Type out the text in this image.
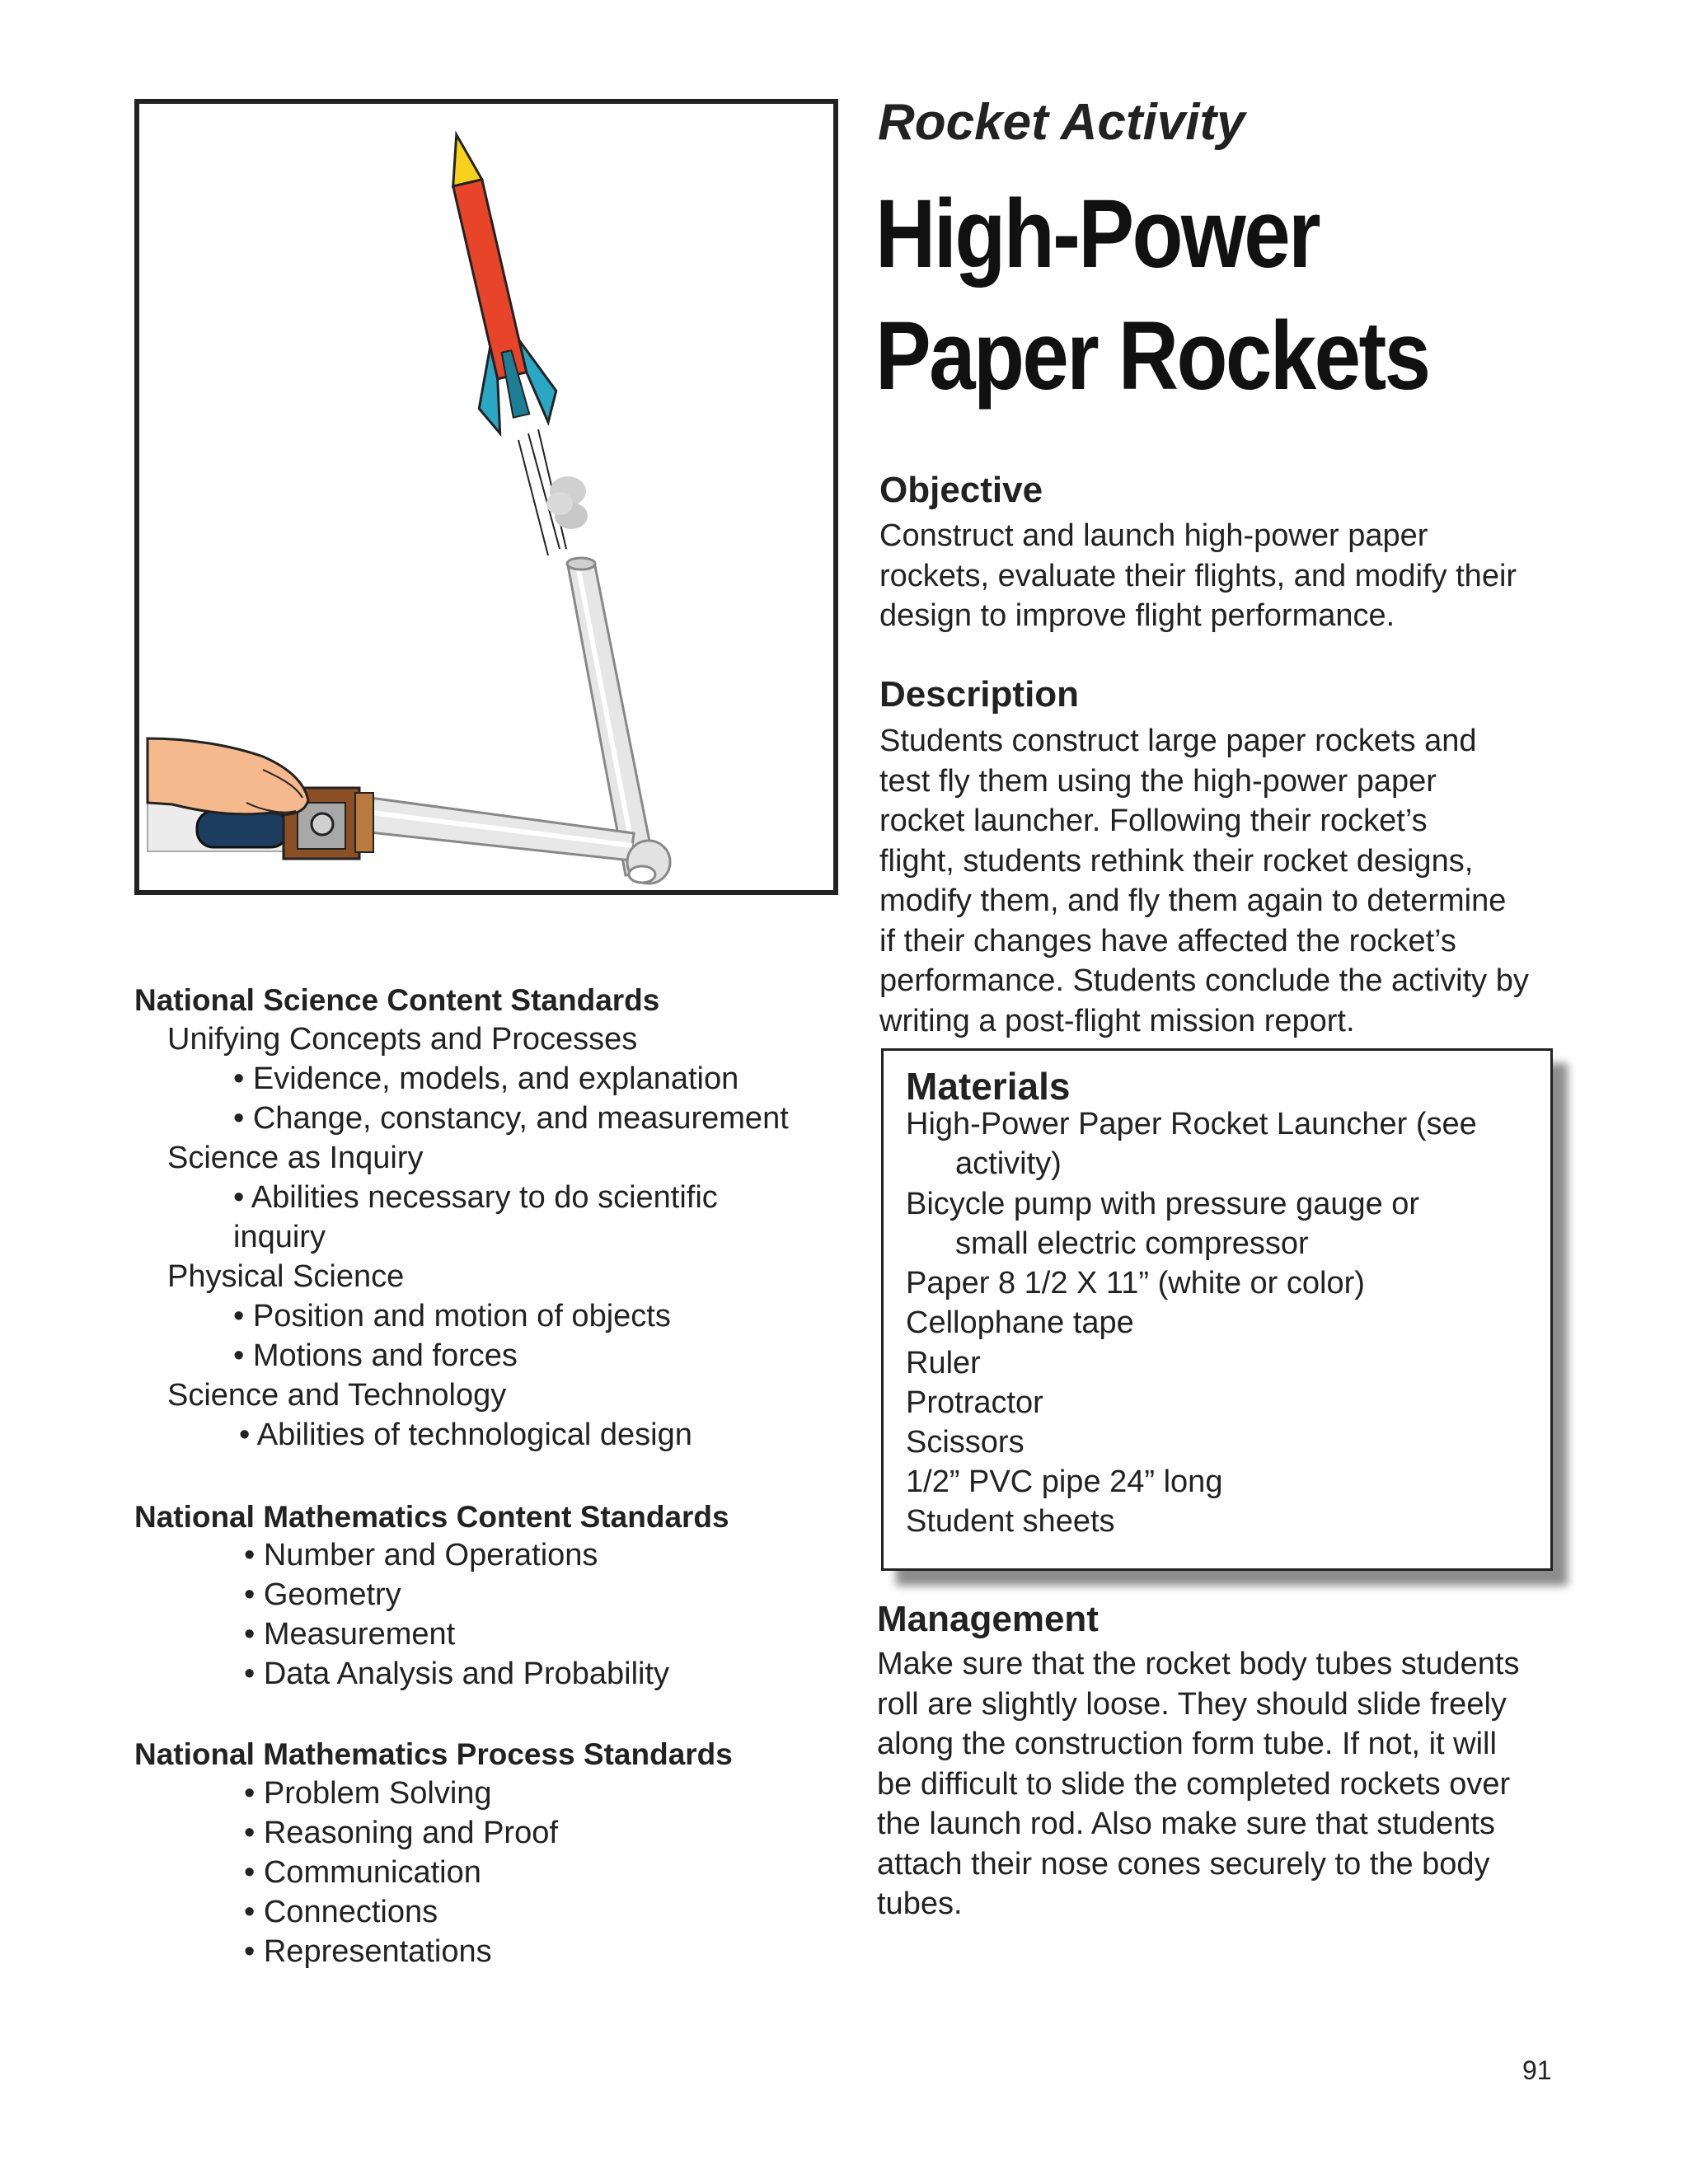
Rocket Activity
High-Power
Paper Rockets
Objective
Construct and launch high-power paper
rockets, evaluate their flights, and modify their
design to improve flight performance.
Description
Students construct large paper rockets and
test fly them using the high-power paper
rocket launcher. Following their rocket’s
flight, students rethink their rocket designs,
modify them, and fly them again to determine
if their changes have affected the rocket’s
performance. Students conclude the activity by
writing a post-flight mission report.
Materials
High-Power Paper Rocket Launcher (see
activity)
Bicycle pump with pressure gauge or
small electric compressor
Paper 8 1/2 X 11” (white or color)
Cellophane tape
Ruler
Protractor
Scissors
1/2” PVC pipe 24” long
Student sheets
Management
Make sure that the rocket body tubes students
roll are slightly loose. They should slide freely
along the construction form tube. If not, it will
be difficult to slide the completed rockets over
the launch rod. Also make sure that students
attach their nose cones securely to the body
tubes.
National Science Content Standards
Unifying Concepts and Processes
• Evidence, models, and explanation
• Change, constancy, and measurement
Science as Inquiry
• Abilities necessary to do scientific
inquiry
Physical Science
• Position and motion of objects
• Motions and forces
Science and Technology
• Abilities of technological design
National Mathematics Content Standards
• Number and Operations
• Geometry
• Measurement
• Data Analysis and Probability
National Mathematics Process Standards
• Problem Solving
• Reasoning and Proof
• Communication
• Connections
• Representations
91
